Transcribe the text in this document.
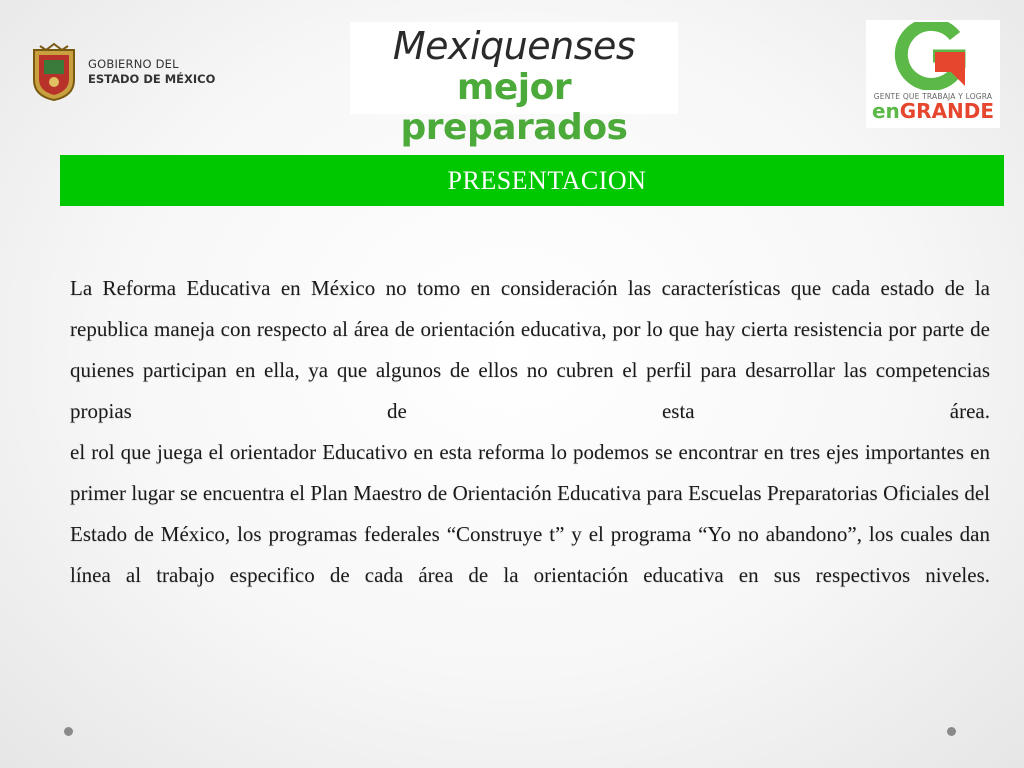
GOBIERNO DEL
ESTADO DE MÉXICO
Mexiquenses
mejor preparados
GENTE QUE TRABAJA Y LOGRA
enGRANDE
PRESENTACION

La Reforma Educativa en México no tomo en consideración las características que cada estado de la republica maneja con respecto al área de orientación educativa, por lo que hay cierta resistencia por parte de quienes participan en ella, ya que algunos de ellos no cubren el perfil para desarrollar las competencias propias de esta área.

el rol que juega el orientador Educativo en esta reforma lo podemos se encontrar en tres ejes importantes en primer lugar se encuentra el Plan Maestro de Orientación Educativa para Escuelas Preparatorias Oficiales del Estado de México, los programas federales “Construye t” y el programa “Yo no abandono”, los cuales dan línea al trabajo especifico de cada área de la orientación educativa en sus respectivos niveles.
